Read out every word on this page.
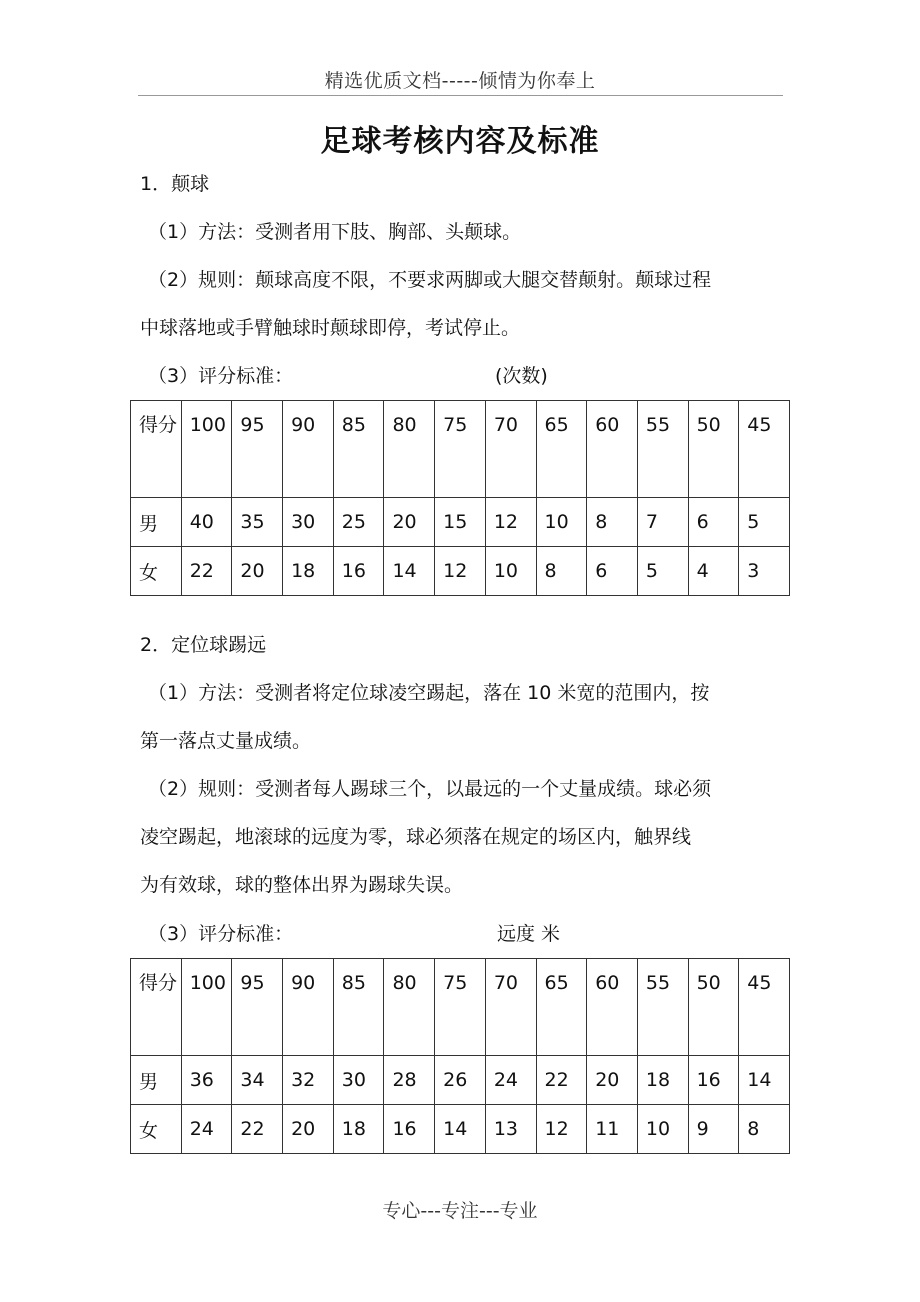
精选优质文档-----倾情为你奉上
足球考核内容及标准
1．颠球
（1）方法：受测者用下肢、胸部、头颠球。
（2）规则：颠球高度不限，不要求两脚或大腿交替颠射。颠球过程
中球落地或手臂触球时颠球即停，考试停止。
（3）评分标准：	(次数)
得分	100	95	90	85	80	75	70	65	60	55	50	45
男	40	35	30	25	20	15	12	10	8	7	6	5
女	22	20	18	16	14	12	10	8	6	5	4	3
2．定位球踢远
（1）方法：受测者将定位球凌空踢起，落在 10 米宽的范围内，按
第一落点丈量成绩。
（2）规则：受测者每人踢球三个，以最远的一个丈量成绩。球必须
凌空踢起，地滚球的远度为零，球必须落在规定的场区内，触界线
为有效球，球的整体出界为踢球失误。
（3）评分标准：	远度 米
得分	100	95	90	85	80	75	70	65	60	55	50	45
男	36	34	32	30	28	26	24	22	20	18	16	14
女	24	22	20	18	16	14	13	12	11	10	9	8
专心---专注---专业
